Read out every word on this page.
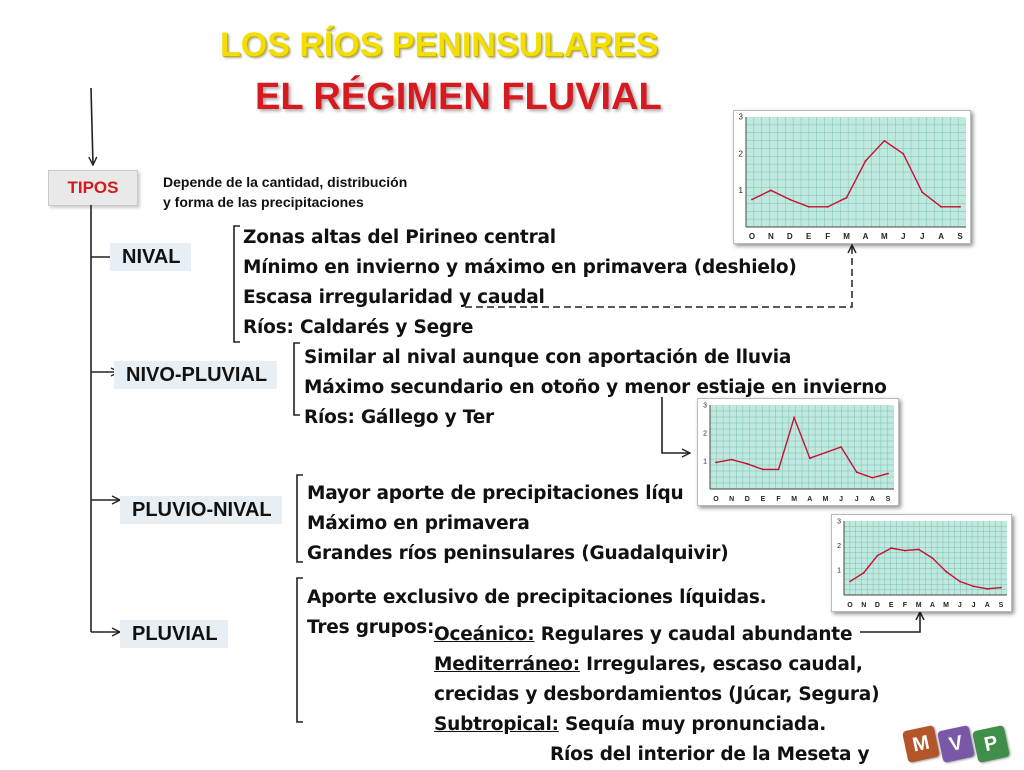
LOS RÍOS PENINSULARES
EL RÉGIMEN FLUVIAL
TIPOS	Depende de la cantidad, distribución
y forma de las precipitaciones
NIVAL
NIVO-PLUVIAL
PLUVIO-NIVAL
PLUVIAL
Zonas altas del Pirineo central
Mínimo en invierno y máximo en primavera (deshielo)
Escasa irregularidad y caudal
Ríos: Caldarés y Segre
Similar al nival aunque con aportación de lluvia
Máximo secundario en otoño y menor estiaje en invierno
Ríos: Gállego y Ter
Mayor aporte de precipitaciones líqu
Máximo en primavera
Grandes ríos peninsulares (Guadalquivir)
Aporte exclusivo de precipitaciones líquidas.
Tres grupos: Oceánico: Regulares y caudal abundante
Mediterráneo: Irregulares, escaso caudal,
crecidas y desbordamientos (Júcar, Segura)
Subtropical: Sequía muy pronunciada.
Ríos del interior de la Meseta y
1
2
3
O N D E F M A M J J A S
1
2
3
O N D E F M A M J J A S
1
2
3
O N D E F M A M J J A S
M V P
